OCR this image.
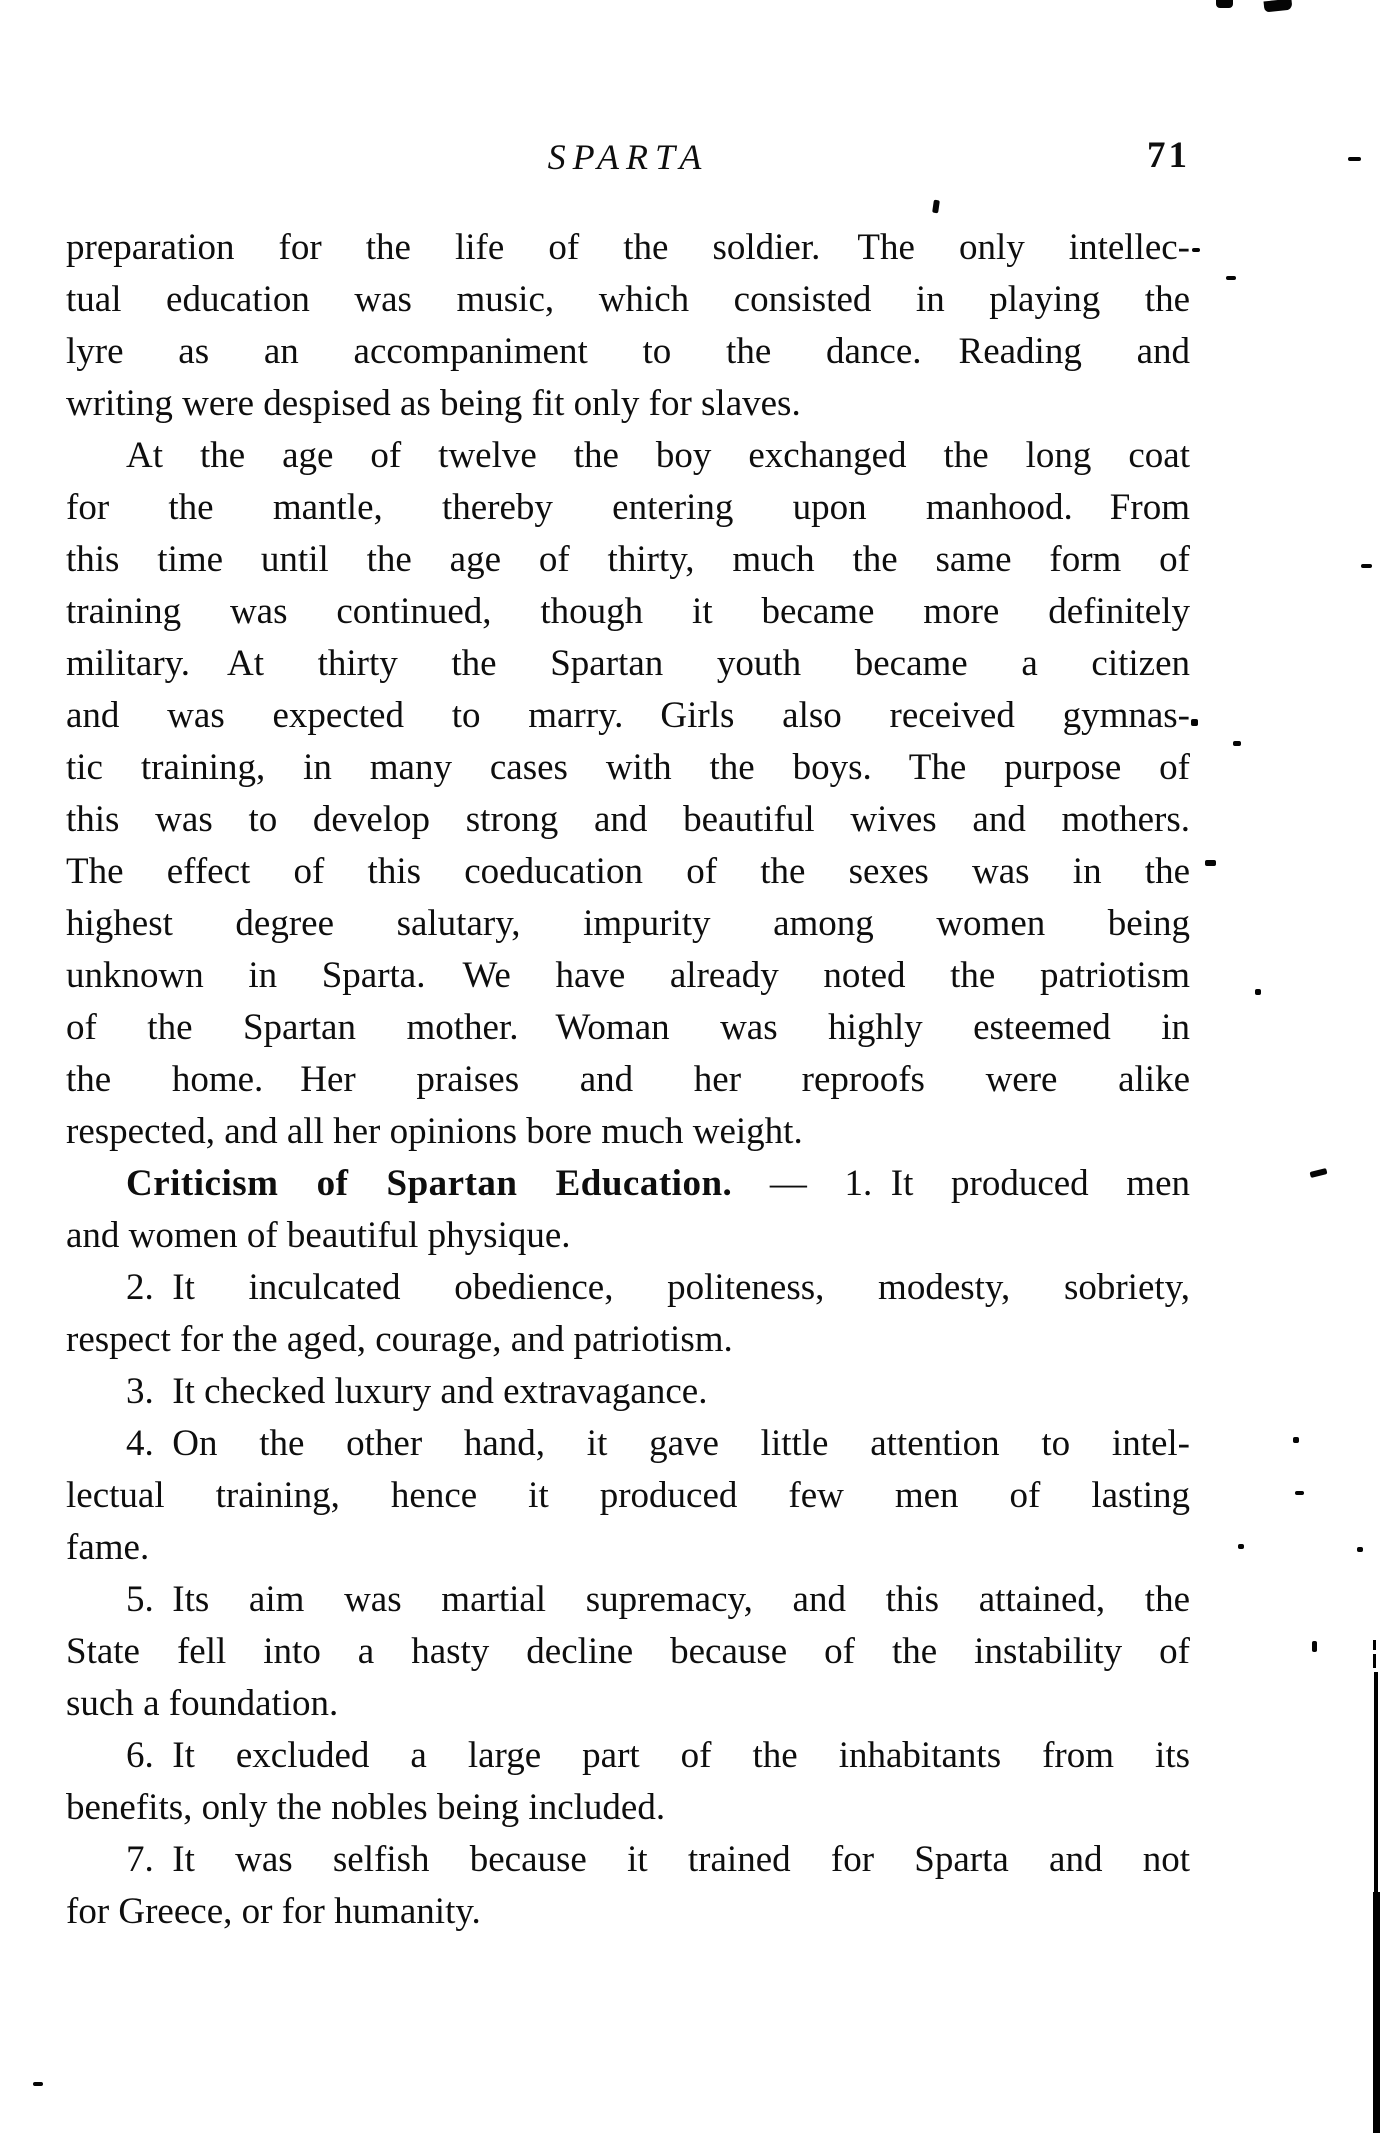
SPARTA	71
preparation for the life of the soldier. The only intellec-
tual education was music, which consisted in playing the
lyre as an accompaniment to the dance. Reading and
writing were despised as being fit only for slaves.
At the age of twelve the boy exchanged the long coat
for the mantle, thereby entering upon manhood. From
this time until the age of thirty, much the same form of
training was continued, though it became more definitely
military. At thirty the Spartan youth became a citizen
and was expected to marry. Girls also received gymnas-
tic training, in many cases with the boys. The purpose of
this was to develop strong and beautiful wives and mothers.
The effect of this coeducation of the sexes was in the
highest degree salutary, impurity among women being
unknown in Sparta. We have already noted the patriotism
of the Spartan mother. Woman was highly esteemed in
the home. Her praises and her reproofs were alike
respected, and all her opinions bore much weight.
Criticism of Spartan Education. — 1. It produced men
and women of beautiful physique.
2. It inculcated obedience, politeness, modesty, sobriety,
respect for the aged, courage, and patriotism.
3. It checked luxury and extravagance.
4. On the other hand, it gave little attention to intel-
lectual training, hence it produced few men of lasting
fame.
5. Its aim was martial supremacy, and this attained, the
State fell into a hasty decline because of the instability of
such a foundation.
6. It excluded a large part of the inhabitants from its
benefits, only the nobles being included.
7. It was selfish because it trained for Sparta and not
for Greece, or for humanity.
